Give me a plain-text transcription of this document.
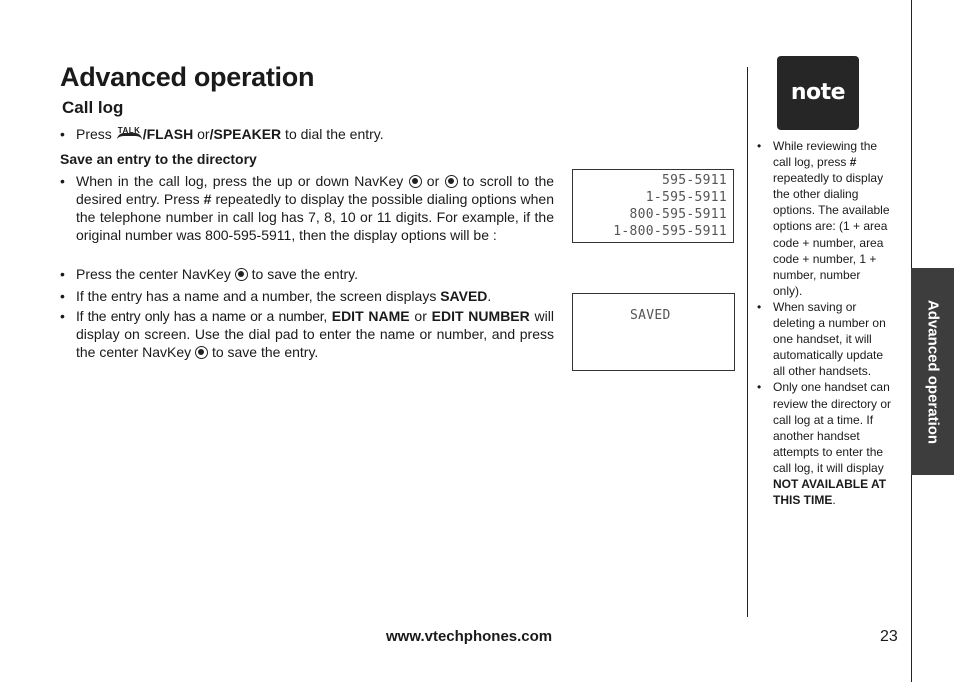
Advanced operation
Call log
• Press TALK /FLASH or/SPEAKER to dial the entry.
Save an entry to the directory
• When in the call log, press the up or down NavKey or to scroll to the desired entry. Press # repeatedly to display the possible dialing options when the telephone number in call log has 7, 8, 10 or 11 digits. For example, if the original number was 800-595-5911, then the display options will be :
• Press the center NavKey to save the entry.
• If the entry has a name and a number, the screen displays SAVED.
• If the entry only has a name or a number, EDIT NAME or EDIT NUMBER will display on screen. Use the dial pad to enter the name or number, and press the center NavKey to save the entry.
595-5911
1-595-5911
800-595-5911
1-800-595-5911
SAVED
note
• While reviewing the call log, press # repeatedly to display the other dialing options. The available options are: (1 + area code + number, area code + number, 1 + number, number only).
• When saving or deleting a number on one handset, it will automatically update all other handsets.
• Only one handset can review the directory or call log at a time. If another handset attempts to enter the call log, it will display NOT AVAILABLE AT THIS TIME.
Advanced operation
www.vtechphones.com	23
